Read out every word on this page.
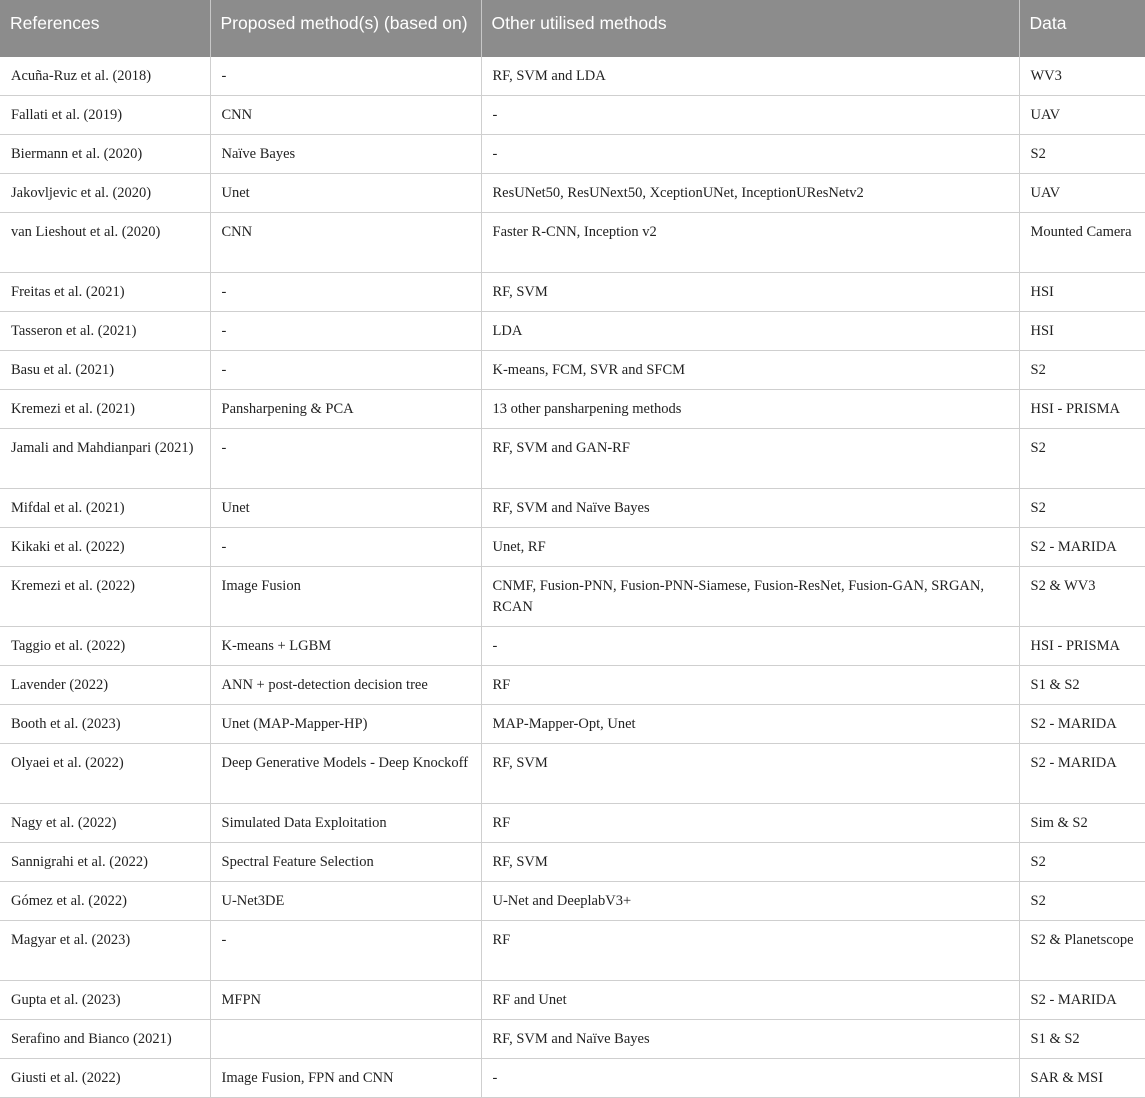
References	Proposed method(s) (based on)	Other utilised methods	Data
Acuña-Ruz et al. (2018)	-	RF, SVM and LDA	WV3
Fallati et al. (2019)	CNN	-	UAV
Biermann et al. (2020)	Naïve Bayes	-	S2
Jakovljevic et al. (2020)	Unet	ResUNet50, ResUNext50, XceptionUNet, InceptionUResNetv2	UAV
van Lieshout et al. (2020)	CNN	Faster R-CNN, Inception v2	Mounted Camera
Freitas et al. (2021)	-	RF, SVM	HSI
Tasseron et al. (2021)	-	LDA	HSI
Basu et al. (2021)	-	K-means, FCM, SVR and SFCM	S2
Kremezi et al. (2021)	Pansharpening & PCA	13 other pansharpening methods	HSI - PRISMA
Jamali and Mahdianpari (2021)	-	RF, SVM and GAN-RF	S2
Mifdal et al. (2021)	Unet	RF, SVM and Naïve Bayes	S2
Kikaki et al. (2022)	-	Unet, RF	S2 - MARIDA
Kremezi et al. (2022)	Image Fusion	CNMF, Fusion-PNN, Fusion-PNN-Siamese, Fusion-ResNet, Fusion-GAN, SRGAN, RCAN	S2 & WV3
Taggio et al. (2022)	K-means + LGBM	-	HSI - PRISMA
Lavender (2022)	ANN + post-detection decision tree	RF	S1 & S2
Booth et al. (2023)	Unet (MAP-Mapper-HP)	MAP-Mapper-Opt, Unet	S2 - MARIDA
Olyaei et al. (2022)	Deep Generative Models - Deep Knockoff	RF, SVM	S2 - MARIDA
Nagy et al. (2022)	Simulated Data Exploitation	RF	Sim & S2
Sannigrahi et al. (2022)	Spectral Feature Selection	RF, SVM	S2
Gómez et al. (2022)	U-Net3DE	U-Net and DeeplabV3+	S2
Magyar et al. (2023)	-	RF	S2 & Planetscope
Gupta et al. (2023)	MFPN	RF and Unet	S2 - MARIDA
Serafino and Bianco (2021)		RF, SVM and Naïve Bayes	S1 & S2
Giusti et al. (2022)	Image Fusion, FPN and CNN	-	SAR & MSI
